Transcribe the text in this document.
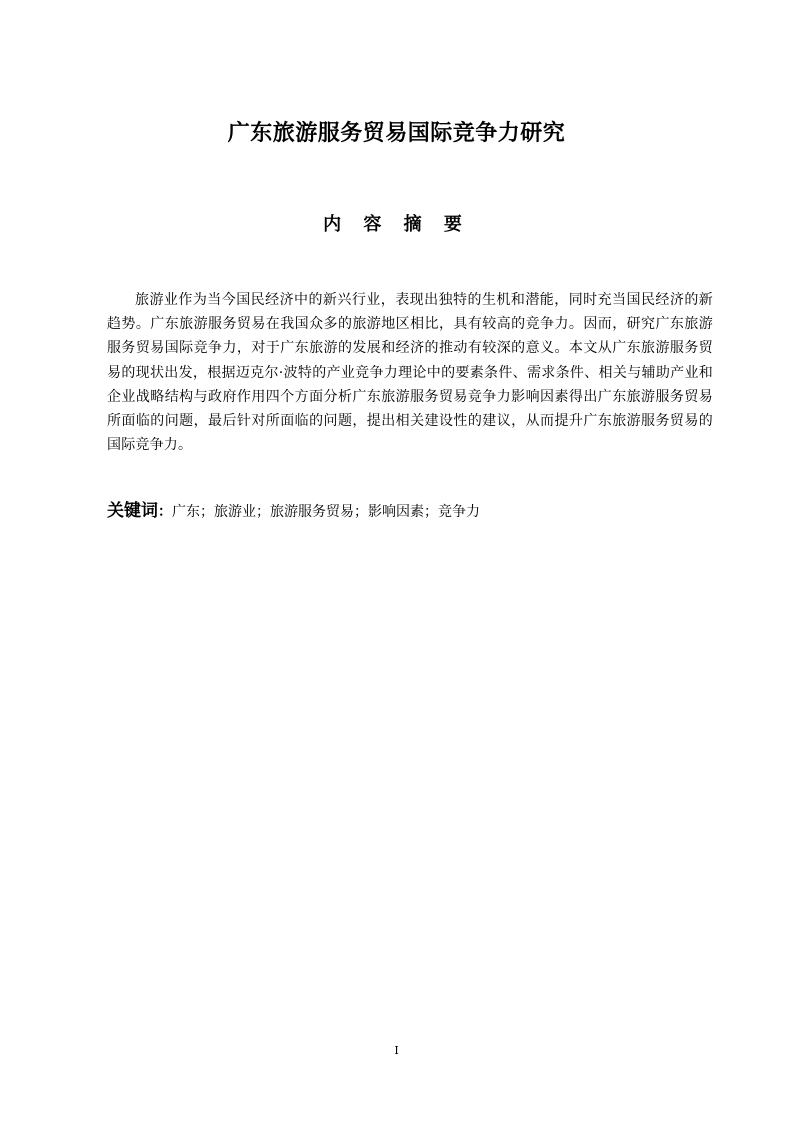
广东旅游服务贸易国际竞争力研究
内 容 摘 要

旅游业作为当今国民经济中的新兴行业，表现出独特的生机和潜能，同时充当国民经济的新趋势。广东旅游服务贸易在我国众多的旅游地区相比，具有较高的竞争力。因而，研究广东旅游服务贸易国际竞争力，对于广东旅游的发展和经济的推动有较深的意义。本文从广东旅游服务贸易的现状出发，根据迈克尔·波特的产业竞争力理论中的要素条件、需求条件、相关与辅助产业和企业战略结构与政府作用四个方面分析广东旅游服务贸易竞争力影响因素得出广东旅游服务贸易所面临的问题，最后针对所面临的问题，提出相关建设性的建议，从而提升广东旅游服务贸易的国际竞争力。

关键词：广东；旅游业；旅游服务贸易；影响因素；竞争力
I
